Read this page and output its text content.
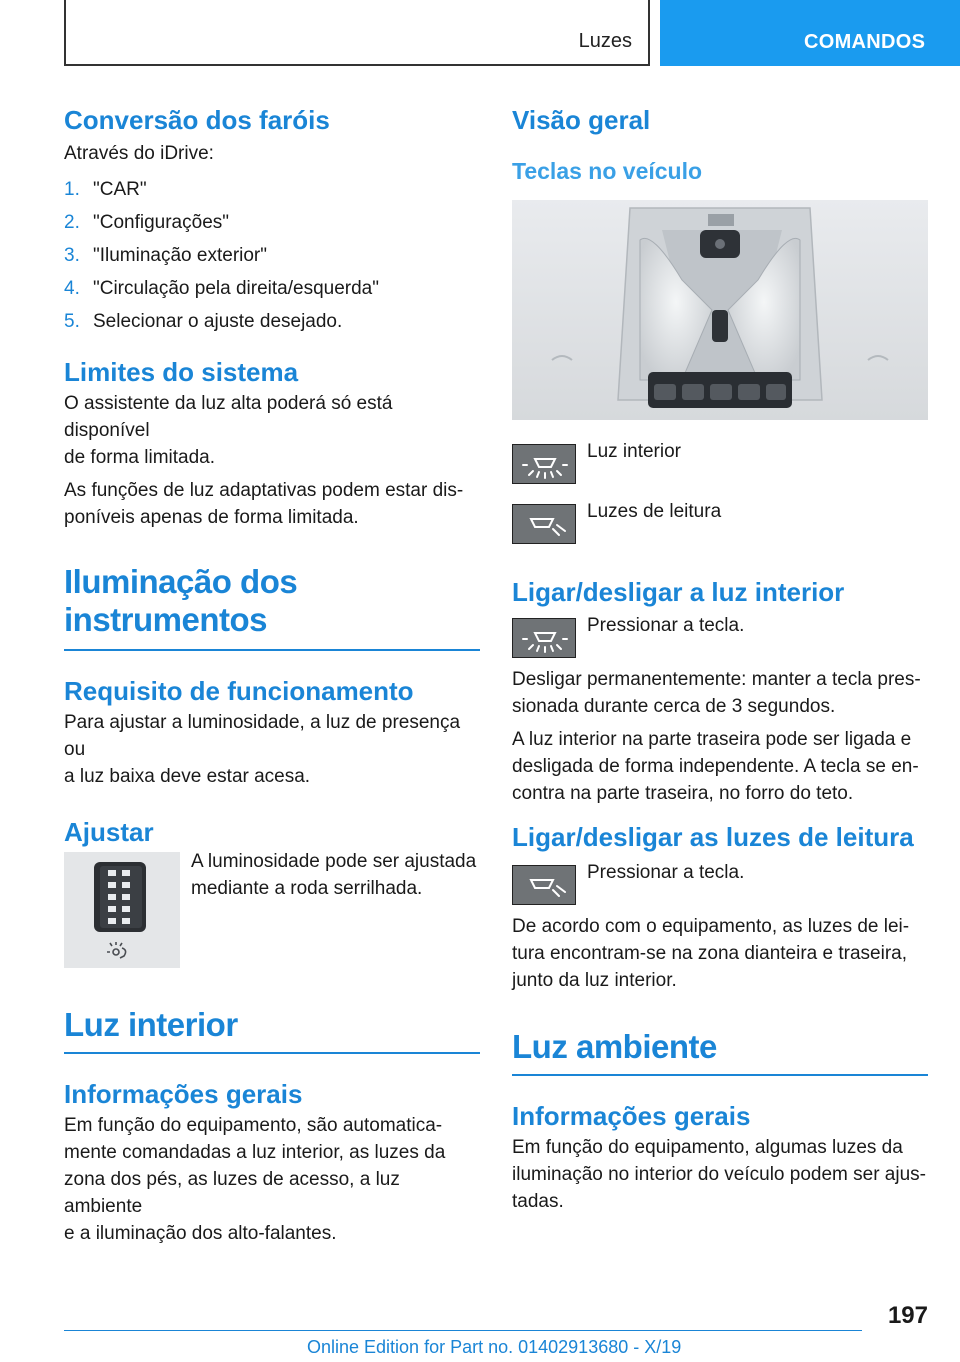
Luzes	COMANDOS
Conversão dos faróis

Através do iDrive:

1. "CAR"
2. "Configurações"
3. "Iluminação exterior"
4. "Circulação pela direita/esquerda"
5. Selecionar o ajuste desejado.
Limites do sistema

O assistente da luz alta poderá só está disponível
de forma limitada.

As funções de luz adaptativas podem estar dis-
poníveis apenas de forma limitada.

Iluminação dos
instrumentos
Requisito de funcionamento

Para ajustar a luminosidade, a luz de presença ou
a luz baixa deve estar acesa.

Ajustar

A luminosidade pode ser ajustada
mediante a roda serrilhada.

Luz interior
Informações gerais

Em função do equipamento, são automatica-
mente comandadas a luz interior, as luzes da
zona dos pés, as luzes de acesso, a luz ambiente
e a iluminação dos alto-falantes.

Visão geral
Teclas no veículo

Luz interior

Luzes de leitura

Ligar/desligar a luz interior

Pressionar a tecla.

Desligar permanentemente: manter a tecla pres-
sionada durante cerca de 3 segundos.

A luz interior na parte traseira pode ser ligada e
desligada de forma independente. A tecla se en-
contra na parte traseira, no forro do teto.

Ligar/desligar as luzes de leitura

Pressionar a tecla.

De acordo com o equipamento, as luzes de lei-
tura encontram-se na zona dianteira e traseira,
junto da luz interior.

Luz ambiente
Informações gerais

Em função do equipamento, algumas luzes da
iluminação no interior do veículo podem ser ajus-
tadas.

197
Online Edition for Part no. 01402913680 - X/19
